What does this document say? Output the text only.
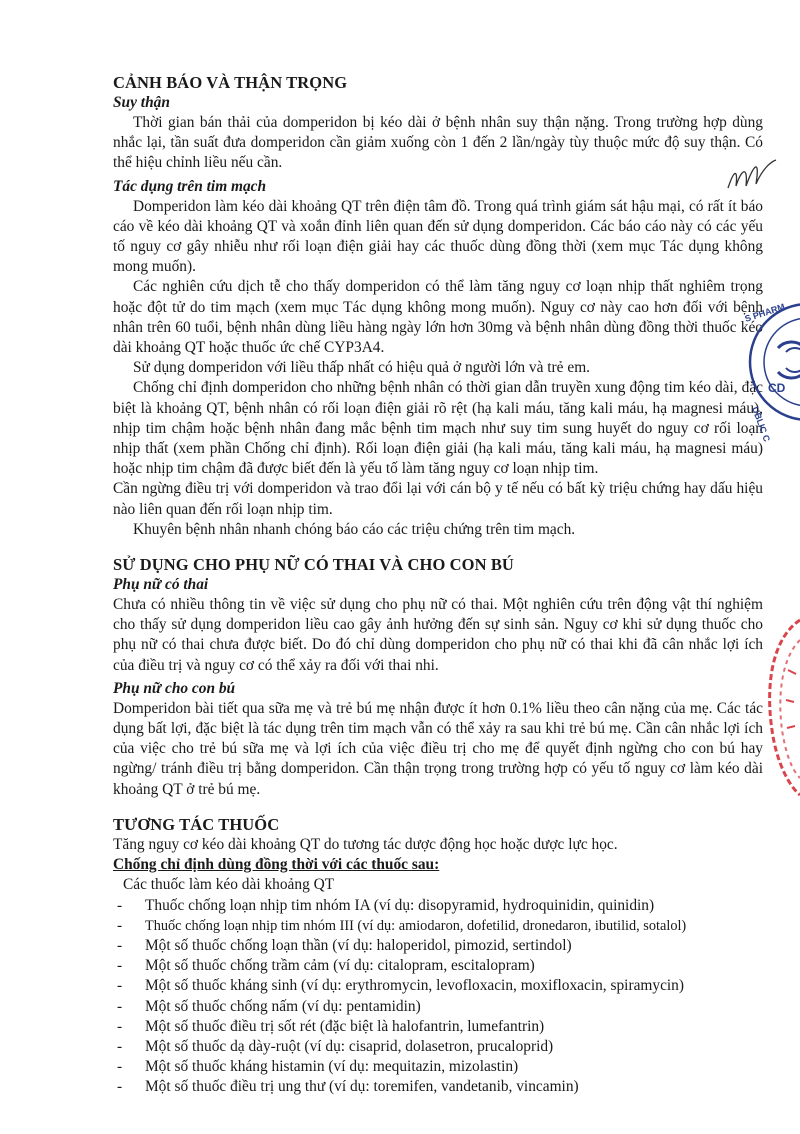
CẢNH BÁO VÀ THẬN TRỌNG
Suy thận

Thời gian bán thải của domperidon bị kéo dài ở bệnh nhân suy thận nặng. Trong trường hợp dùng nhắc lại, tần suất đưa domperidon cần giảm xuống còn 1 đến 2 lần/ngày tùy thuộc mức độ suy thận. Có thể hiệu chỉnh liều nếu cần.

Tác dụng trên tim mạch

Domperidon làm kéo dài khoảng QT trên điện tâm đồ. Trong quá trình giám sát hậu mại, có rất ít báo cáo về kéo dài khoảng QT và xoắn đỉnh liên quan đến sử dụng domperidon. Các báo cáo này có các yếu tố nguy cơ gây nhiễu như rối loạn điện giải hay các thuốc dùng đồng thời (xem mục Tác dụng không mong muốn).

Các nghiên cứu dịch tễ cho thấy domperidon có thể làm tăng nguy cơ loạn nhịp thất nghiêm trọng hoặc đột tử do tim mạch (xem mục Tác dụng không mong muốn). Nguy cơ này cao hơn đối với bệnh nhân trên 60 tuổi, bệnh nhân dùng liều hàng ngày lớn hơn 30mg và bệnh nhân dùng đồng thời thuốc kéo dài khoảng QT hoặc thuốc ức chế CYP3A4.

Sử dụng domperidon với liều thấp nhất có hiệu quả ở người lớn và trẻ em.

Chống chỉ định domperidon cho những bệnh nhân có thời gian dẫn truyền xung động tim kéo dài, đặc biệt là khoảng QT, bệnh nhân có rối loạn điện giải rõ rệt (hạ kali máu, tăng kali máu, hạ magnesi máu), nhịp tim chậm hoặc bệnh nhân đang mắc bệnh tim mạch như suy tim sung huyết do nguy cơ rối loạn nhịp thất (xem phần Chống chỉ định). Rối loạn điện giải (hạ kali máu, tăng kali máu, hạ magnesi máu) hoặc nhịp tim chậm đã được biết đến là yếu tố làm tăng nguy cơ loạn nhịp tim.

Cần ngừng điều trị với domperidon và trao đổi lại với cán bộ y tế nếu có bất kỳ triệu chứng hay dấu hiệu nào liên quan đến rối loạn nhịp tim.

Khuyên bệnh nhân nhanh chóng báo cáo các triệu chứng trên tim mạch.

SỬ DỤNG CHO PHỤ NỮ CÓ THAI VÀ CHO CON BÚ
Phụ nữ có thai

Chưa có nhiều thông tin về việc sử dụng cho phụ nữ có thai. Một nghiên cứu trên động vật thí nghiệm cho thấy sử dụng domperidon liều cao gây ảnh hưởng đến sự sinh sản. Nguy cơ khi sử dụng thuốc cho phụ nữ có thai chưa được biết. Do đó chỉ dùng domperidon cho phụ nữ có thai khi đã cân nhắc lợi ích của điều trị và nguy cơ có thể xảy ra đối với thai nhi.

Phụ nữ cho con bú

Domperidon bài tiết qua sữa mẹ và trẻ bú mẹ nhận được ít hơn 0.1% liều theo cân nặng của mẹ. Các tác dụng bất lợi, đặc biệt là tác dụng trên tim mạch vẫn có thể xảy ra sau khi trẻ bú mẹ. Cần cân nhắc lợi ích của việc cho trẻ bú sữa mẹ và lợi ích của việc điều trị cho mẹ để quyết định ngừng cho con bú hay ngừng/ tránh điều trị bằng domperidon. Cần thận trọng trong trường hợp có yếu tố nguy cơ làm kéo dài khoảng QT ở trẻ bú mẹ.

TƯƠNG TÁC THUỐC

Tăng nguy cơ kéo dài khoảng QT do tương tác dược động học hoặc dược lực học.

Chống chỉ định dùng đồng thời với các thuốc sau:

Các thuốc làm kéo dài khoảng QT

- Thuốc chống loạn nhịp tim nhóm IA (ví dụ: disopyramid, hydroquinidin, quinidin)
- Thuốc chống loạn nhịp tim nhóm III (ví dụ: amiodaron, dofetilid, dronedaron, ibutilid, sotalol)
- Một số thuốc chống loạn thần (ví dụ: haloperidol, pimozid, sertindol)
- Một số thuốc chống trầm cảm (ví dụ: citalopram, escitalopram)
- Một số thuốc kháng sinh (ví dụ: erythromycin, levofloxacin, moxifloxacin, spiramycin)
- Một số thuốc chống nấm (ví dụ: pentamidin)
- Một số thuốc điều trị sốt rét (đặc biệt là halofantrin, lumefantrin)
- Một số thuốc dạ dày-ruột (ví dụ: cisaprid, dolasetron, prucaloprid)
- Một số thuốc kháng histamin (ví dụ: mequitazin, mizolastin)
- Một số thuốc điều trị ung thư (ví dụ: toremifen, vandetanib, vincamin)
S PHARM
CD
UBLIC C
